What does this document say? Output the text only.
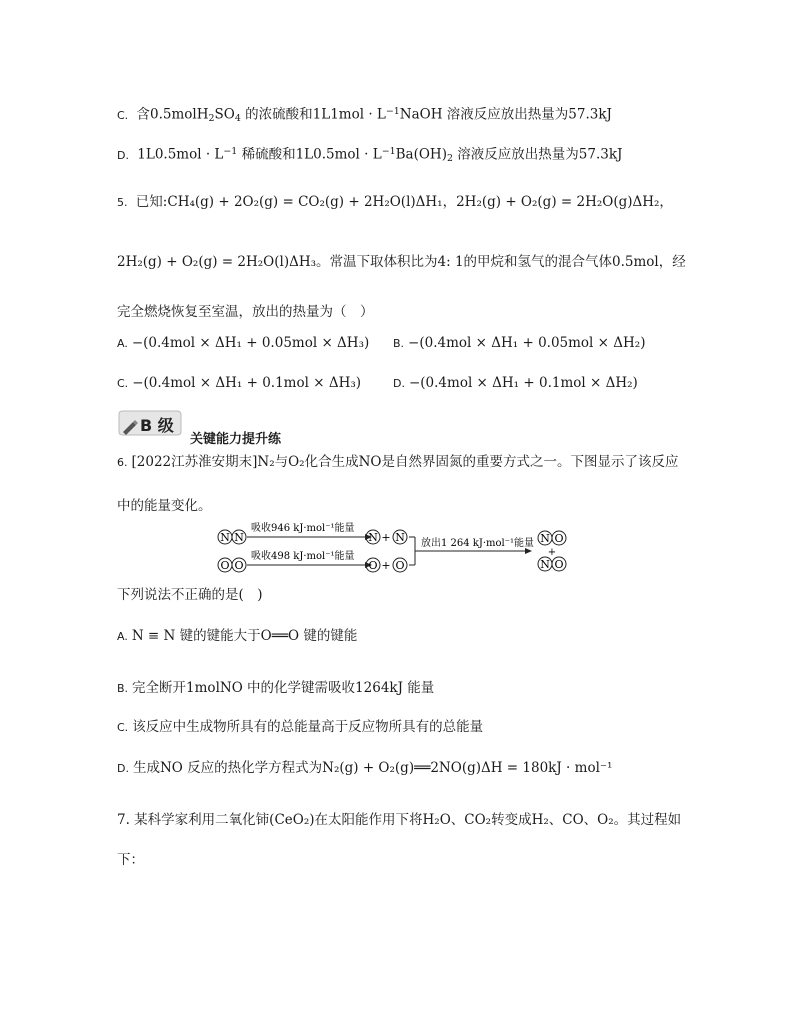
C. 含$0.5molH_2SO_4$ 的浓硫酸和$1L1mol \cdot L^{-1}NaOH$ 溶液反应放出热量为57.3kJ
D. $1L0.5mol \cdot L^{-1}$ 稀硫酸和$1L0.5mol \cdot L^{-1}Ba(OH)_2$ 溶液反应放出热量为57.3kJ
5. 已知:CH₄(g) + 2O₂(g) = CO₂(g) + 2H₂O(l)ΔH₁，2H₂(g) + O₂(g) = 2H₂O(g)ΔH₂，
2H₂(g) + O₂(g) = 2H₂O(l)ΔH₃。常温下取体积比为4: 1的甲烷和氢气的混合气体0.5mol，经
完全燃烧恢复至室温，放出的热量为（　）
A. −(0.4mol × ΔH₁ + 0.05mol × ΔH₃) B. −(0.4mol × ΔH₁ + 0.05mol × ΔH₂)
C. −(0.4mol × ΔH₁ + 0.1mol × ΔH₃)	D. −(0.4mol × ΔH₁ + 0.1mol × ΔH₂)
B 级
关键能力提升练
6. [2022江苏淮安期末]N₂与O₂化合生成NO是自然界固氮的重要方式之一。下图显示了该反应
中的能量变化。
N N
吸收946 kJ·mol⁻¹能量
N + N
O O
吸收498 kJ·mol⁻¹能量
O + O
放出1 264 kJ·mol⁻¹能量 N O
+
N O
下列说法不正确的是(　)
A. N ≡ N 键的键能大于O══O 键的键能
B. 完全断开1molNO 中的化学键需吸收1264kJ 能量
C. 该反应中生成物所具有的总能量高于反应物所具有的总能量
D. 生成NO 反应的热化学方程式为N₂(g) + O₂(g)══2NO(g)ΔH = 180kJ · mol⁻¹
7. 某科学家利用二氧化铈(CeO₂)在太阳能作用下将H₂O、CO₂转变成H₂、CO、O₂。其过程如
下：
